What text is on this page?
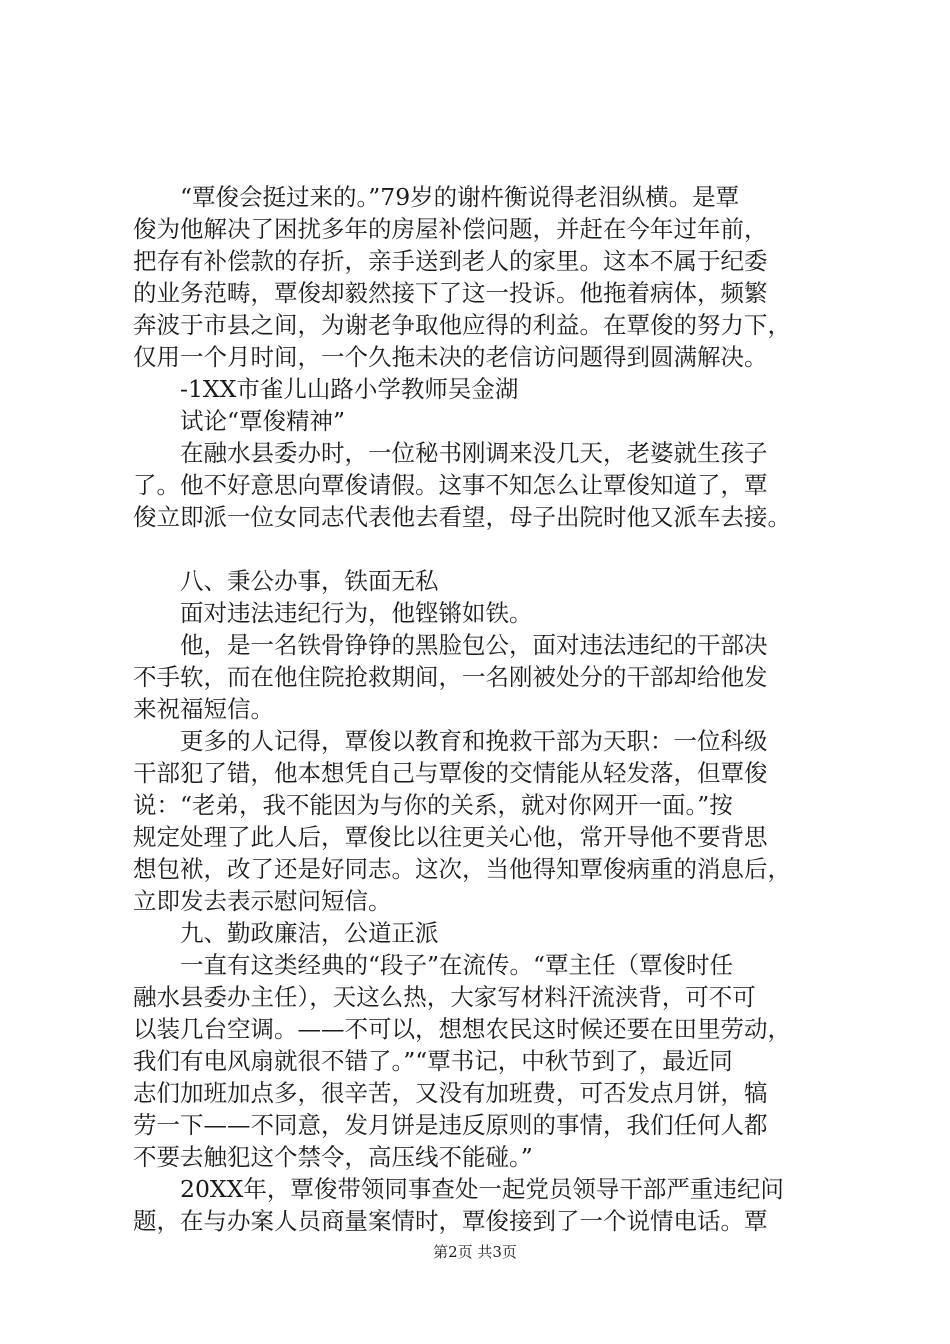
　　“覃俊会挺过来的。”79岁的谢杵衡说得老泪纵横。是覃
俊为他解决了困扰多年的房屋补偿问题，并赶在今年过年前，
把存有补偿款的存折，亲手送到老人的家里。这本不属于纪委
的业务范畴，覃俊却毅然接下了这一投诉。他拖着病体，频繁
奔波于市县之间，为谢老争取他应得的利益。在覃俊的努力下，
仅用一个月时间，一个久拖未决的老信访问题得到圆满解决。
　　-1XX市雀儿山路小学教师吴金湖
　　试论“覃俊精神”
　　在融水县委办时，一位秘书刚调来没几天，老婆就生孩子
了。他不好意思向覃俊请假。这事不知怎么让覃俊知道了，覃
俊立即派一位女同志代表他去看望，母子出院时他又派车去接。
　　八、秉公办事，铁面无私
　　面对违法违纪行为，他铿锵如铁。
　　他，是一名铁骨铮铮的黑脸包公，面对违法违纪的干部决
不手软，而在他住院抢救期间，一名刚被处分的干部却给他发
来祝福短信。
　　更多的人记得，覃俊以教育和挽救干部为天职：一位科级
干部犯了错，他本想凭自己与覃俊的交情能从轻发落，但覃俊
说：“老弟，我不能因为与你的关系，就对你网开一面。”按
规定处理了此人后，覃俊比以往更关心他，常开导他不要背思
想包袱，改了还是好同志。这次，当他得知覃俊病重的消息后，
立即发去表示慰问短信。
　　九、勤政廉洁，公道正派
　　一直有这类经典的“段子”在流传。“覃主任（覃俊时任
融水县委办主任），天这么热，大家写材料汗流浃背，可不可
以装几台空调。——不可以，想想农民这时候还要在田里劳动，
我们有电风扇就很不错了。”“覃书记，中秋节到了，最近同
志们加班加点多，很辛苦，又没有加班费，可否发点月饼，犒
劳一下——不同意，发月饼是违反原则的事情，我们任何人都
不要去触犯这个禁令，高压线不能碰。”
　　20XX年，覃俊带领同事查处一起党员领导干部严重违纪问
题，在与办案人员商量案情时，覃俊接到了一个说情电话。覃
第2页 共3页
